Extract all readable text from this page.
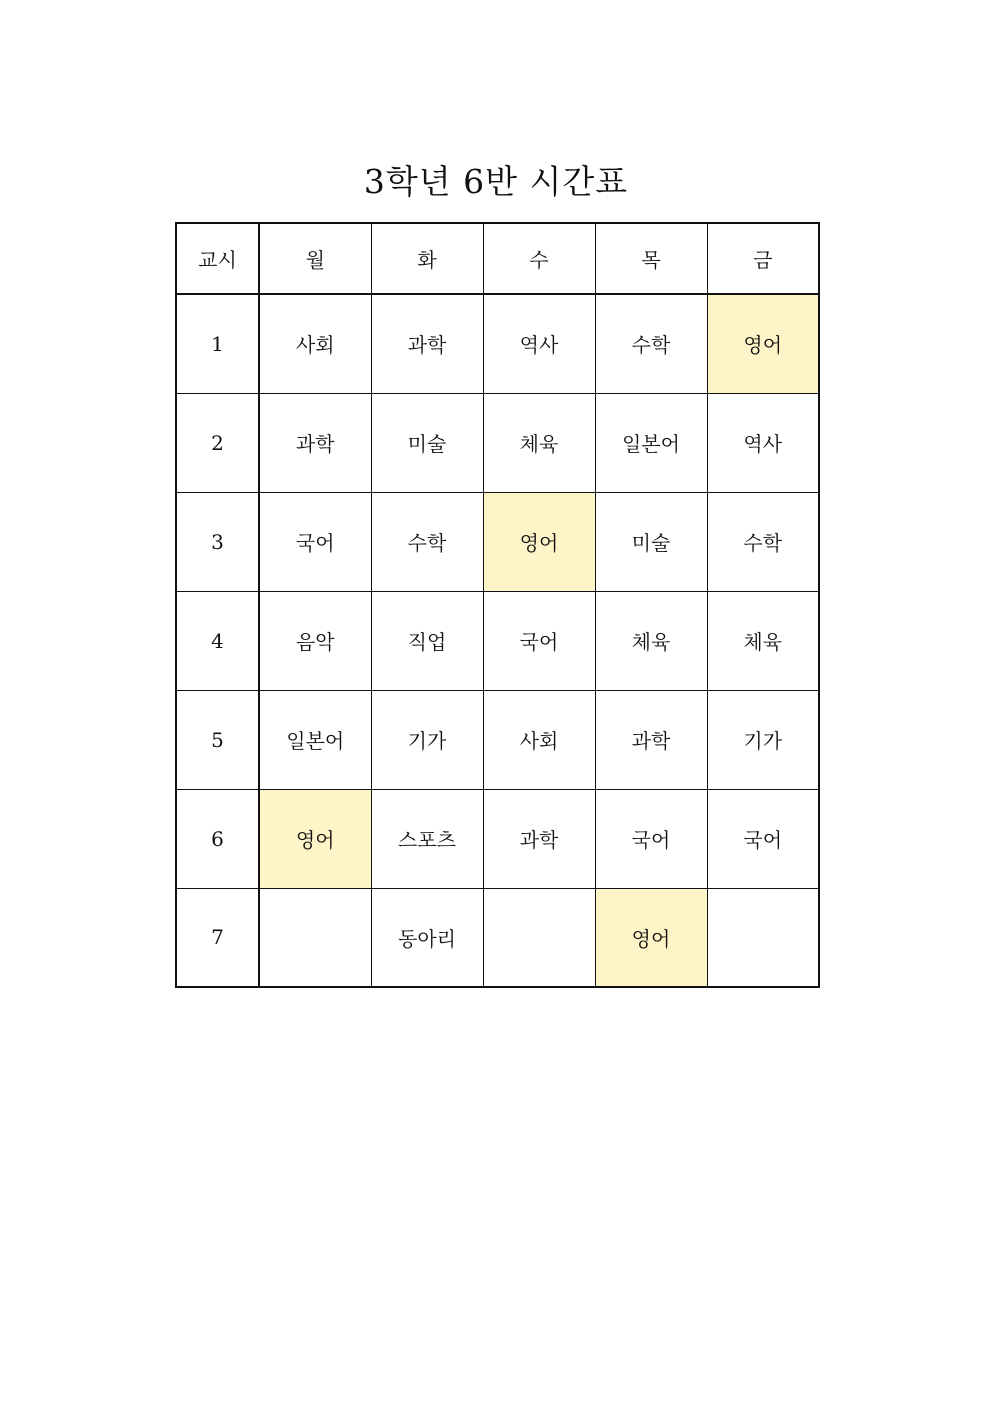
3학년 6반 시간표
교시	월	화	수	목	금
1	사회	과학	역사	수학	영어
2	과학	미술	체육	일본어	역사
3	국어	수학	영어	미술	수학
4	음악	직업	국어	체육	체육
5	일본어	기가	사회	과학	기가
6	영어	스포츠	과학	국어	국어
7		동아리		영어	
